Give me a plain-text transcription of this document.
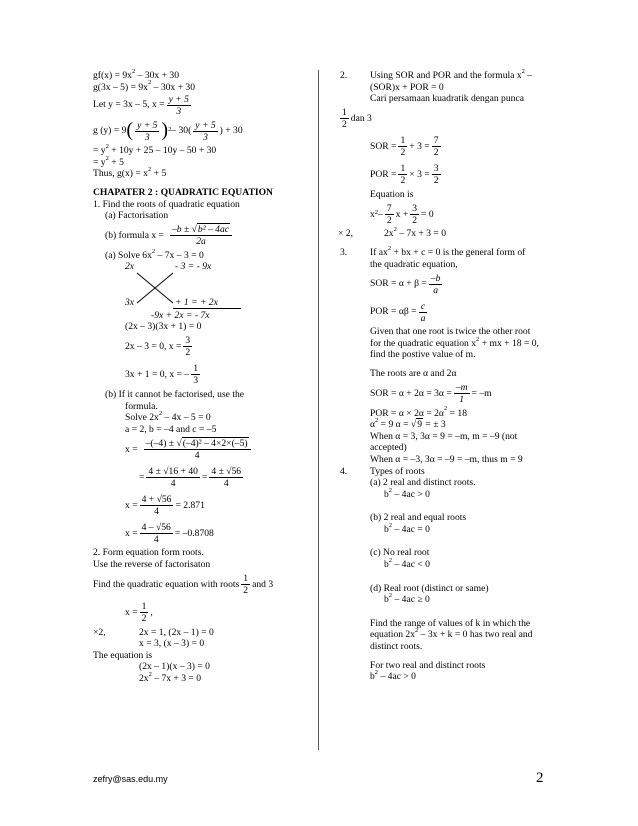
$gf(x) = 9x^2 - 30x + 30$
$g(3x - 5) = 9x^2 - 30x + 30$
Let y = 3x – 5, $x = \frac{y + 5}{3}$
g (y) = 9 ( $\frac{y + 5}{3} )^2 - 30( \frac{y + 5}{3}$ ) + 30
= $y^2 + 10y + 25 - 10y - 50 + 30$
= $y^2 + 5$
Thus, $g(x) = x^2 + 5$
CHAPATER 2 : QUADRATIC EQUATION
1. Find the roots of quadratic equation
(a) Factorisation
(b) formula $x = \frac{\text{–b ± √b² – 4ac}}{2a}$
(a) Solve $6x^2 - 7x - 3 = 0$
2x	- 3 = - 9x
3x	+ 1 = + 2x
-9x + 2x = - 7x
(2x – 3)(3x + 1) = 0
2x – 3 = 0, $x = \frac{3}{2}$
3x + 1 = 0, x = – $\frac{1}{3}$
(b) If it cannot be factorised, use the
formula.
Solve $2x^2 - 4x - 5 = 0$
a = 2, b = –4 and c = –5
$x = \frac{\text{–(–4) ± √(–4)² – 4×2×(–5)}}{4}$
= $\frac{4 \pm √16 + 40}{4} = \frac{4 \pm √56}{4}$
$x = \frac{4 + √56}{4} = 2.871$
$x = \frac{4 - √56}{4} = -0.8708$
2. Form equation form roots.
Use the reverse of factorisaton
Find the quadratic equation with roots $\frac{1}{2}$ and 3
$x = \frac{1}{2}$ ,
×2,	2x = 1, (2x – 1) = 0
x = 3, (x – 3) = 0
The equation is
(2x – 1)(x – 3) = 0
$2x^2 - 7x + 3 = 0$
2. Using SOR and POR and the formula $x^2$ –
(SOR)x + POR = 0
Cari persamaan kuadratik dengan punca
$\frac{1}{2}$ dan 3
SOR = $\frac{1}{2} + 3 = \frac{7}{2}$
POR = $\frac{1}{2} \times 3 = \frac{3}{2}$
Equation is
$x^2 - \frac{7}{2}$ $x + \frac{3}{2} = 0$
× 2,	$2x^2 - 7x + 3 = 0$
3. If $ax^2$ + bx + c = 0 is the general form of
the quadratic equation,
SOR = $\alpha + \beta = \frac{-b}{a}$
POR = $\alpha\beta = \frac{c}{a}$
Given that one root is twice the other root
for the quadratic equation $x^2$ + mx + 18 = 0,
find the postive value of m.
The roots are α and 2α
SOR = $\alpha + 2\alpha = 3\alpha = \frac{-m}{1} = -m$
POR = $\alpha \times 2\alpha = 2\alpha^2 = 18$
$\alpha^2 = 9$ α = √9 = ± 3
When α = 3, 3α = 9 = –m, m = –9 (not
accepted)
When α = –3, 3α = –9 = –m, thus m = 9
4. Types of roots
(a) 2 real and distinct roots.
$b^2 - 4ac > 0$
(b) 2 real and equal roots
$b^2 - 4ac = 0$
(c) No real root
$b^2 - 4ac < 0$
(d) Real root (distinct or same)
$b^2 - 4ac \ge 0$
Find the range of values of k in which the
equation $2x^2 - 3x + k = 0$ has two real and
distinct roots.
For two real and distinct roots
$b^2 - 4ac > 0$
zefry@sas.edu.my	2
